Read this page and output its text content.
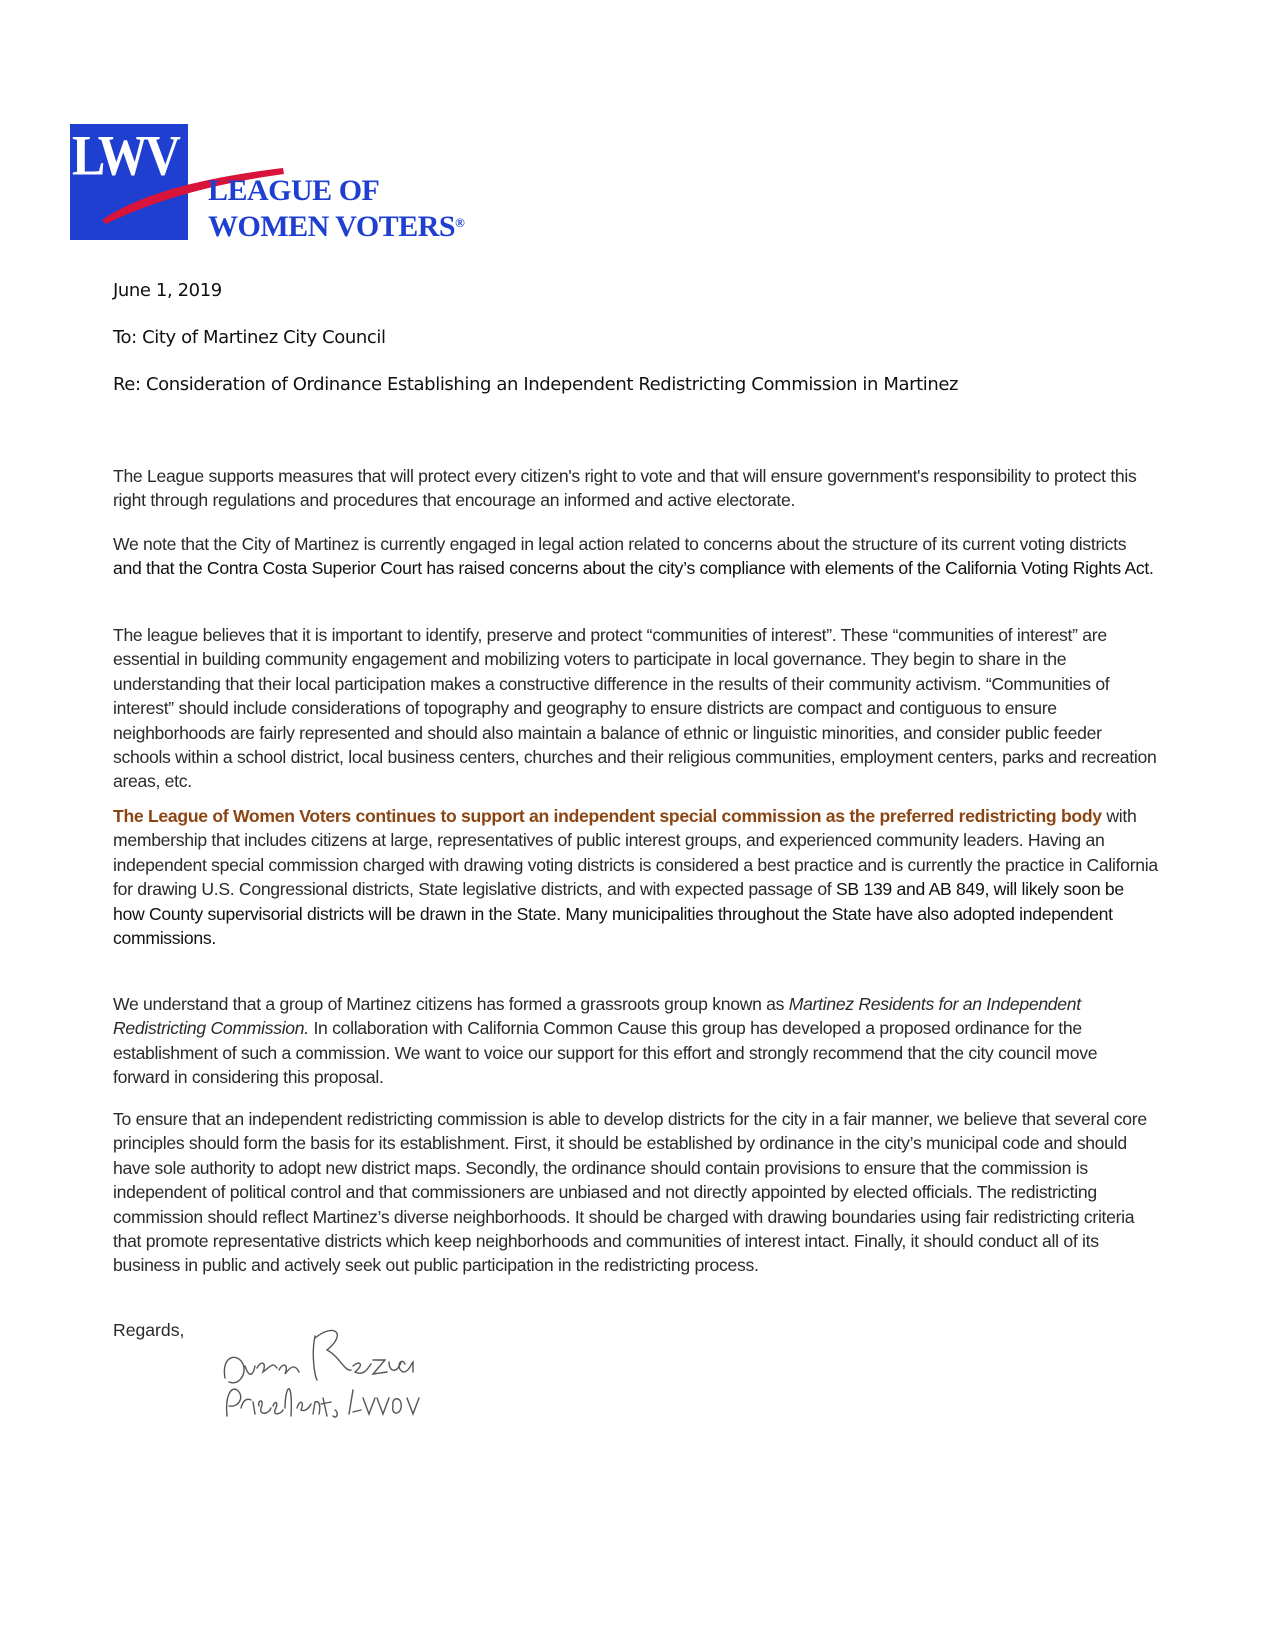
LWV
LEAGUE OF
WOMEN VOTERS®
June 1, 2019
To: City of Martinez City Council
Re: Consideration of Ordinance Establishing an Independent Redistricting Commission in Martinez

The League supports measures that will protect every citizen's right to vote and that will ensure government's responsibility to protect this right through regulations and procedures that encourage an informed and active electorate.

We note that the City of Martinez is currently engaged in legal action related to concerns about the structure of its current voting districts and that the Contra Costa Superior Court has raised concerns about the city’s compliance with elements of the California Voting Rights Act.

The league believes that it is important to identify, preserve and protect “communities of interest”. These “communities of interest” are essential in building community engagement and mobilizing voters to participate in local governance. They begin to share in the understanding that their local participation makes a constructive difference in the results of their community activism. “Communities of interest” should include considerations of topography and geography to ensure districts are compact and contiguous to ensure neighborhoods are fairly represented and should also maintain a balance of ethnic or linguistic minorities, and consider public feeder schools within a school district, local business centers, churches and their religious communities, employment centers, parks and recreation areas, etc.

The League of Women Voters continues to support an independent special commission as the preferred redistricting body with membership that includes citizens at large, representatives of public interest groups, and experienced community leaders. Having an independent special commission charged with drawing voting districts is considered a best practice and is currently the practice in California for drawing U.S. Congressional districts, State legislative districts, and with expected passage of SB 139 and AB 849, will likely soon be how County supervisorial districts will be drawn in the State. Many municipalities throughout the State have also adopted independent commissions.

We understand that a group of Martinez citizens has formed a grassroots group known as Martinez Residents for an Independent Redistricting Commission. In collaboration with California Common Cause this group has developed a proposed ordinance for the establishment of such a commission. We want to voice our support for this effort and strongly recommend that the city council move forward in considering this proposal.

To ensure that an independent redistricting commission is able to develop districts for the city in a fair manner, we believe that several core principles should form the basis for its establishment. First, it should be established by ordinance in the city’s municipal code and should have sole authority to adopt new district maps. Secondly, the ordinance should contain provisions to ensure that the commission is independent of political control and that commissioners are unbiased and not directly appointed by elected officials. The redistricting commission should reflect Martinez’s diverse neighborhoods. It should be charged with drawing boundaries using fair redistricting criteria that promote representative districts which keep neighborhoods and communities of interest intact. Finally, it should conduct all of its business in public and actively seek out public participation in the redistricting process.

Regards,
